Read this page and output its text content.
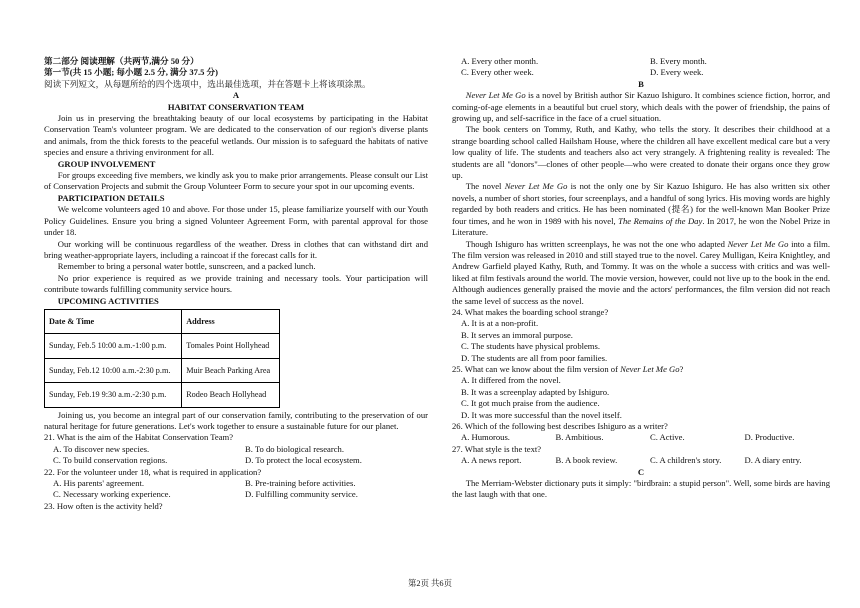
第二部分 阅读理解（共两节,满分 50 分）

第一节(共 15 小题; 每小题 2.5 分, 满分 37.5 分)

阅读下列短文，从每题所给的四个选项中，选出最佳选项，并在答题卡上将该项涂黑。

A

HABITAT CONSERVATION TEAM

Join us in preserving the breathtaking beauty of our local ecosystems by participating in the Habitat Conservation Team's volunteer program. We are dedicated to the conservation of our region's diverse plants and animals, from the thick forests to the peaceful wetlands. Our mission is to safeguard the habitats of native species and ensure a thriving environment for all.

GROUP INVOLVEMENT

For groups exceeding five members, we kindly ask you to make prior arrangements. Please consult our List of Conservation Projects and submit the Group Volunteer Form to secure your spot in our upcoming events.

PARTICIPATION DETAILS

We welcome volunteers aged 10 and above. For those under 15, please familiarize yourself with our Youth Policy Guidelines. Ensure you bring a signed Volunteer Agreement Form, with parental approval for those under 18.

Our working will be continuous regardless of the weather. Dress in clothes that can withstand dirt and bring weather-appropriate layers, including a raincoat if the forecast calls for it.

Remember to bring a personal water bottle, sunscreen, and a packed lunch.

No prior experience is required as we provide training and necessary tools. Your participation will contribute towards fulfilling community service hours.

UPCOMING ACTIVITIES

Date & Time	Address
Sunday, Feb.5 10:00 a.m.-1:00 p.m.	Tomales Point Hollyhead
Sunday, Feb.12 10:00 a.m.-2:30 p.m.	Muir Beach Parking Area
Sunday, Feb.19 9:30 a.m.-2:30 p.m.	Rodeo Beach Hollyhead

Joining us, you become an integral part of our conservation family, contributing to the preservation of our natural heritage for future generations. Let's work together to ensure a sustainable future for our planet.

21. What is the aim of the Habitat Conservation Team?

A. To discover new species.	B. To do biological research.
C. To build conservation regions.	D. To protect the local ecosystem.

22. For the volunteer under 18, what is required in application?

A. His parents' agreement.	B. Pre-training before activities.
C. Necessary working experience.	D. Fulfilling community service.

23. How often is the activity held?

A. Every other month.	B. Every month.
C. Every other week.	D. Every week.

B

Never Let Me Go is a novel by British author Sir Kazuo Ishiguro. It combines science fiction, horror, and coming-of-age elements in a beautiful but cruel story, which deals with the power of friendship, the pains of growing up, and self-sacrifice in the face of a cruel situation.

The book centers on Tommy, Ruth, and Kathy, who tells the story. It describes their childhood at a strange boarding school called Hailsham House, where the children all have excellent medical care but a very low quality of life. The students and teachers also act very strangely. A frightening reality is revealed: The students are all "donors"—clones of other people—who were created to donate their organs once they grow up.

The novel Never Let Me Go is not the only one by Sir Kazuo Ishiguro. He has also written six other novels, a number of short stories, four screenplays, and a handful of song lyrics. His moving words are highly regarded by both readers and critics. He has been nominated (提名) for the well-known Man Booker Prize four times, and he won in 1989 with his novel, The Remains of the Day. In 2017, he won the Nobel Prize in Literature.

Though Ishiguro has written screenplays, he was not the one who adapted Never Let Me Go into a film. The film version was released in 2010 and still stayed true to the novel. Carey Mulligan, Keira Knightley, and Andrew Garfield played Kathy, Ruth, and Tommy. It was on the whole a success with critics and was well-liked at film festivals around the world. The movie version, however, could not live up to the book in the end. Although audiences generally praised the movie and the actors' performances, the film version did not reach the same level of success as the novel.

24. What makes the boarding school strange?

A. It is at a non-profit.

B. It serves an immoral purpose.

C. The students have physical problems.

D. The students are all from poor families.

25. What can we know about the film version of Never Let Me Go?

A. It differed from the novel.

B. It was a screenplay adapted by Ishiguro.

C. It got much praise from the audience.

D. It was more successful than the novel itself.

26. Which of the following best describes Ishiguro as a writer?

A. Humorous.	B. Ambitious.	C. Active.	D. Productive.

27. What style is the text?

A. A news report.	B. A book review.	C. A children's story.	D. A diary entry.

C

The Merriam-Webster dictionary puts it simply: "birdbrain: a stupid person". Well, some birds are having the last laugh with that one.

第2页 共6页
